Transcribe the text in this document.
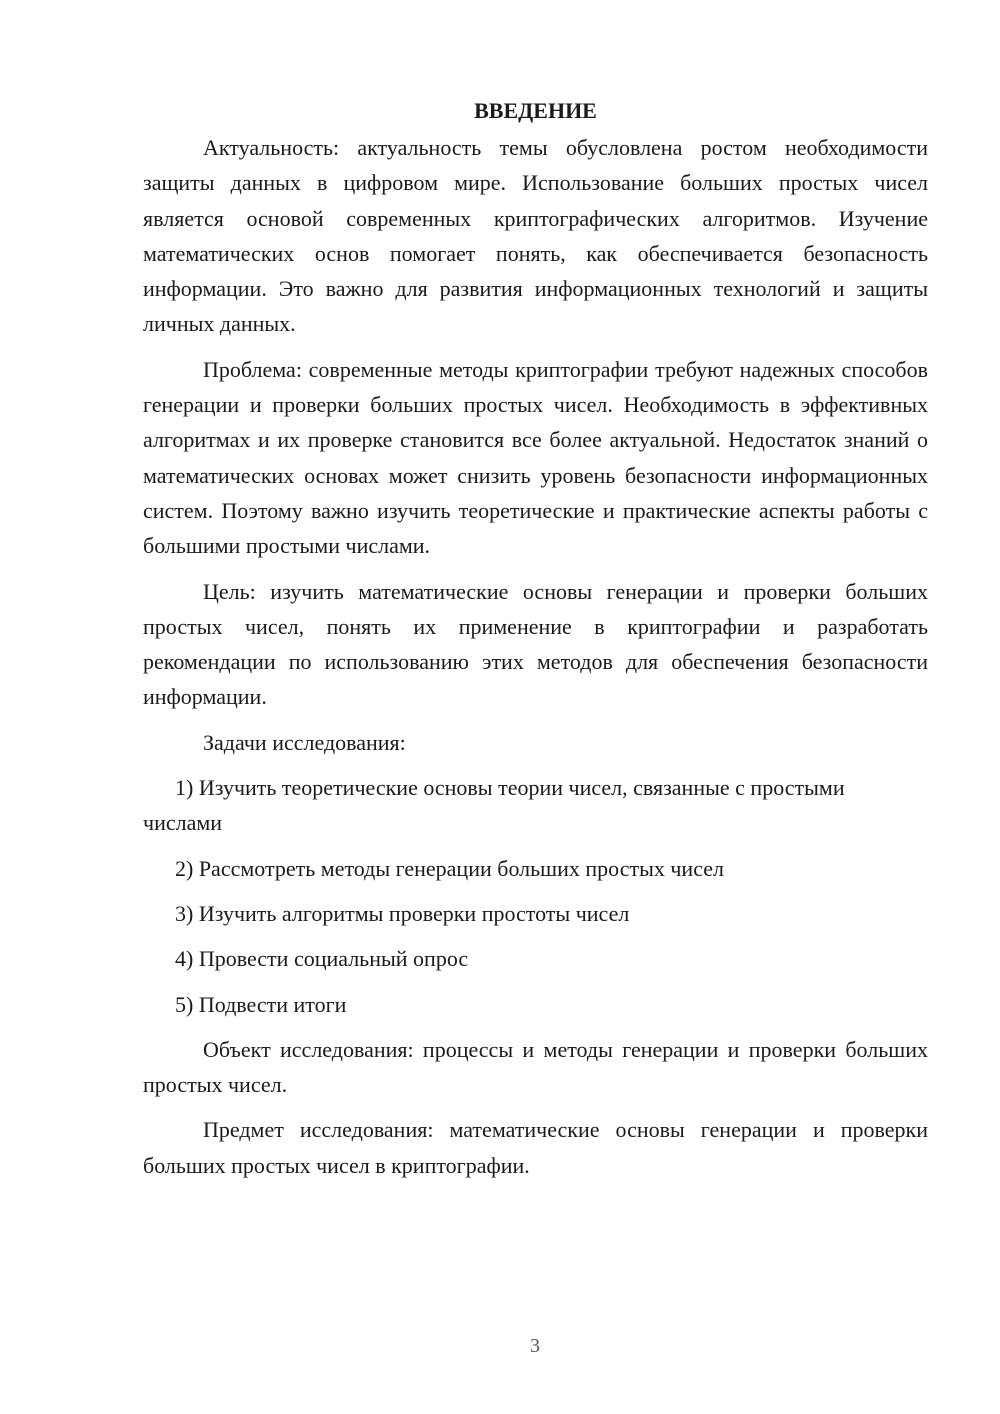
ВВЕДЕНИЕ

Актуальность: актуальность темы обусловлена ростом необходимости защиты данных в цифровом мире. Использование больших простых чисел является основой современных криптографических алгоритмов. Изучение математических основ помогает понять, как обеспечивается безопасность информации. Это важно для развития информационных технологий и защиты личных данных.

Проблема: современные методы криптографии требуют надежных способов генерации и проверки больших простых чисел. Необходимость в эффективных алгоритмах и их проверке становится все более актуальной. Недостаток знаний о математических основах может снизить уровень безопасности информационных систем. Поэтому важно изучить теоретические и практические аспекты работы с большими простыми числами.

Цель: изучить математические основы генерации и проверки больших простых чисел, понять их применение в криптографии и разработать рекомендации по использованию этих методов для обеспечения безопасности информации.

Задачи исследования:

1) Изучить теоретические основы теории чисел, связанные с простыми числами
2) Рассмотреть методы генерации больших простых чисел
3) Изучить алгоритмы проверки простоты чисел
4) Провести социальный опрос
5) Подвести итоги

Объект исследования: процессы и методы генерации и проверки больших простых чисел.

Предмет исследования: математические основы генерации и проверки больших простых чисел в криптографии.

3
